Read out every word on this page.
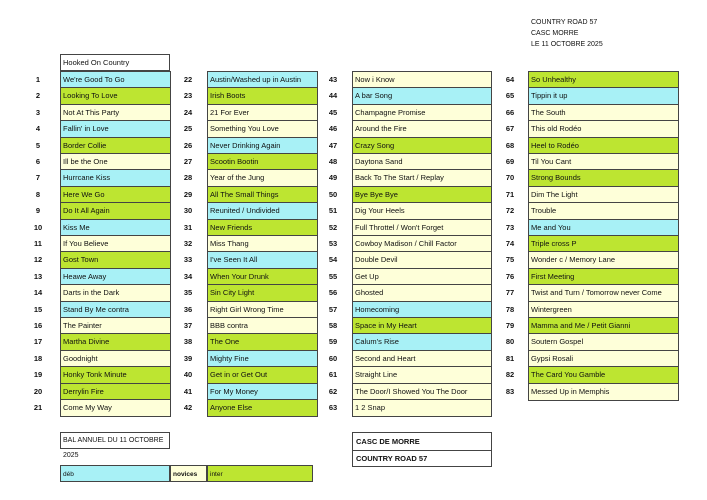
COUNTRY ROAD 57
CASC MORRE
LE 11 OCTOBRE 2025
Hooked On Country
1	We're Good To Go
2	Looking To Love
3	Not At This Party
4	Fallin' in Love
5	Border Collie
6	Ill be the One
7	Hurrcane Kiss
8	Here We Go
9	Do It All Again
10	Kiss Me
11	If You Believe
12	Gost Town
13	Heawe Away
14	Darts in the Dark
15	Stand By Me contra
16	The Painter
17	Martha Divine
18	Goodnight
19	Honky Tonk Minute
20	Derrylin Fire
21	Come My Way
22	Austin/Washed up in Austin
23	Irish Boots
24	21 For Ever
25	Something You Love
26	Never Drinking Again
27	Scootin Bootin
28	Year of the Jung
29	All The Small Things
30	Reunited / Undivided
31	New Friends
32	Miss Thang
33	I've Seen It All
34	When Your Drunk
35	Sin City Light
36	Right Girl Wrong Time
37	BBB contra
38	The One
39	Mighty Fine
40	Get in or Get Out
41	For My Money
42	Anyone Else
43	Now i Know
44	A bar Song
45	Champagne Promise
46	Around the Fire
47	Crazy Song
48	Daytona Sand
49	Back To The Start / Replay
50	Bye Bye Bye
51	Dig Your Heels
52	Full Throttel / Won't Forget
53	Cowboy Madison / Chill Factor
54	Double Devil
55	Get Up
56	Ghosted
57	Homecoming
58	Space in My Heart
59	Calum's Rise
60	Second and Heart
61	Straight Line
62	The Door/I Showed You The Door
63	1 2 Snap
64	So Unhealthy
65	Tippin it up
66	The South
67	This old Rodéo
68	Heel to Rodéo
69	Til You Cant
70	Strong Bounds
71	Dim The Light
72	Trouble
73	Me and You
74	Triple cross P
75	Wonder c / Memory Lane
76	First Meeting
77	Twist and Turn / Tomorrow never Come
78	Wintergreen
79	Mamma and Me / Petit Gianni
80	Soutern Gospel
81	Gypsi Rosali
82	The Card You Gamble
83	Messed Up in Memphis
BAL ANNUEL DU 11 OCTOBRE 2025
CASC DE MORRE
COUNTRY ROAD 57
déb	novices	inter
